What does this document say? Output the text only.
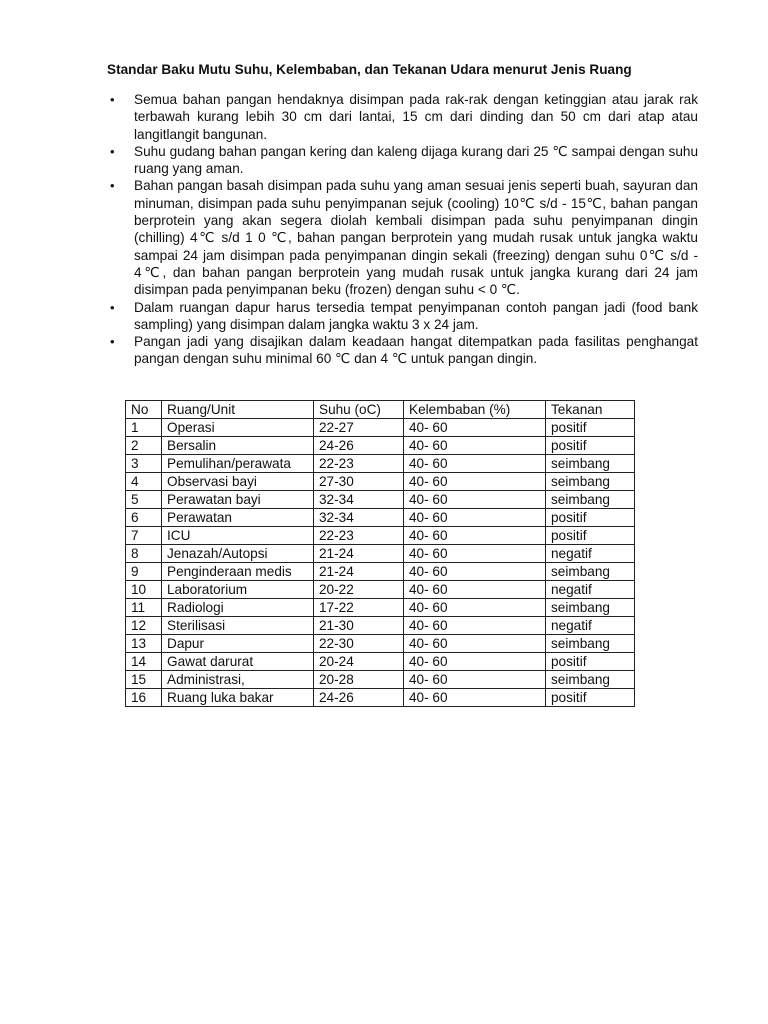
Standar Baku Mutu Suhu, Kelembaban, dan Tekanan Udara menurut Jenis Ruang
• Semua bahan pangan hendaknya disimpan pada rak-rak dengan ketinggian atau jarak rak terbawah kurang lebih 30 cm dari lantai, 15 cm dari dinding dan 50 cm dari atap atau langitlangit bangunan.
• Suhu gudang bahan pangan kering dan kaleng dijaga kurang dari 25 ℃ sampai dengan suhu ruang yang aman.
• Bahan pangan basah disimpan pada suhu yang aman sesuai jenis seperti buah, sayuran dan minuman, disimpan pada suhu penyimpanan sejuk (cooling) 10℃ s/d - 15℃, bahan pangan berprotein yang akan segera diolah kembali disimpan pada suhu penyimpanan dingin (chilling) 4℃ s/d 1 0 ℃, bahan pangan berprotein yang mudah rusak untuk jangka waktu sampai 24 jam disimpan pada penyimpanan dingin sekali (freezing) dengan suhu 0℃ s/d - 4℃, dan bahan pangan berprotein yang mudah rusak untuk jangka kurang dari 24 jam disimpan pada penyimpanan beku (frozen) dengan suhu < 0 ℃.
• Dalam ruangan dapur harus tersedia tempat penyimpanan contoh pangan jadi (food bank sampling) yang disimpan dalam jangka waktu 3 x 24 jam.
• Pangan jadi yang disajikan dalam keadaan hangat ditempatkan pada fasilitas penghangat pangan dengan suhu minimal 60 ℃ dan 4 ℃ untuk pangan dingin.
No	Ruang/Unit	Suhu (oC)	Kelembaban (%)	Tekanan
1	Operasi	22-27	40- 60	positif
2	Bersalin	24-26	40- 60	positif
3	Pemulihan/perawata	22-23	40- 60	seimbang
4	Observasi bayi	27-30	40- 60	seimbang
5	Perawatan bayi	32-34	40- 60	seimbang
6	Perawatan	32-34	40- 60	positif
7	ICU	22-23	40- 60	positif
8	Jenazah/Autopsi	21-24	40- 60	negatif
9	Penginderaan medis	21-24	40- 60	seimbang
10	Laboratorium	20-22	40- 60	negatif
11	Radiologi	17-22	40- 60	seimbang
12	Sterilisasi	21-30	40- 60	negatif
13	Dapur	22-30	40- 60	seimbang
14	Gawat darurat	20-24	40- 60	positif
15	Administrasi,	20-28	40- 60	seimbang
16	Ruang luka bakar	24-26	40- 60	positif
